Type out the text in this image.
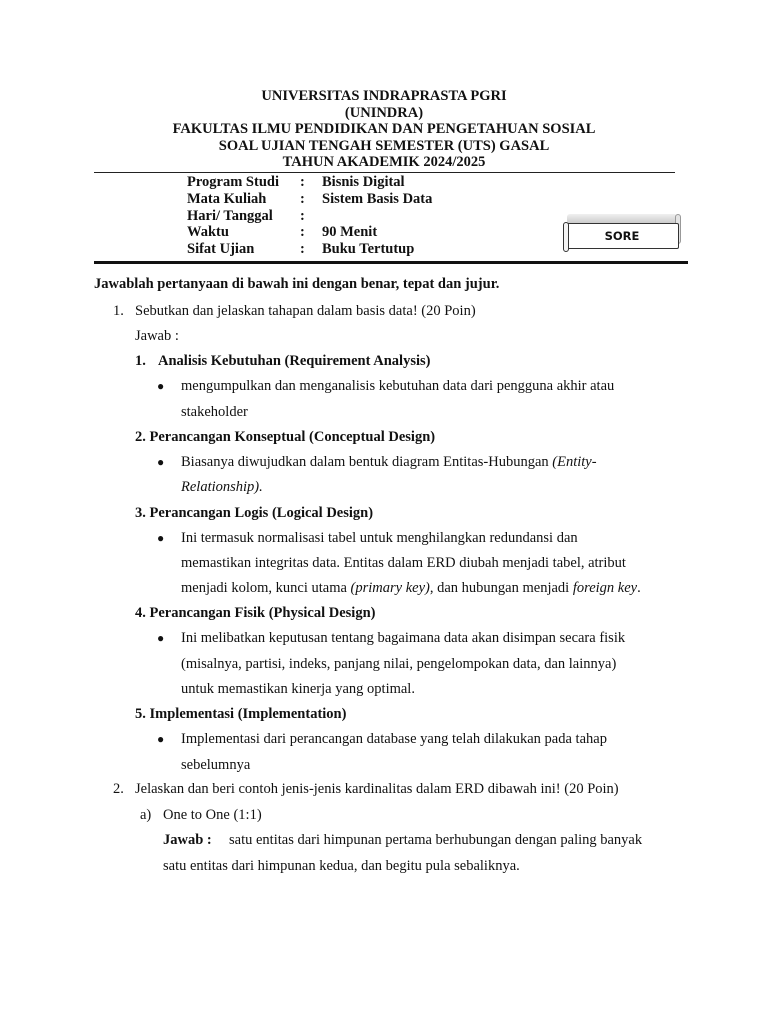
UNIVERSITAS INDRAPRASTA PGRI
(UNINDRA)
FAKULTAS ILMU PENDIDIKAN DAN PENGETAHUAN SOSIAL
SOAL UJIAN TENGAH SEMESTER (UTS) GASAL
TAHUN AKADEMIK 2024/2025
Program Studi : Bisnis Digital
Mata Kuliah : Sistem Basis Data
Hari/ Tanggal :
Waktu	: 90 Menit
Sifat Ujian	: Buku Tertutup
SORE
Jawablah pertanyaan di bawah ini dengan benar, tepat dan jujur.
1. Sebutkan dan jelaskan tahapan dalam basis data! (20 Poin)
Jawab :
1. Analisis Kebutuhan (Requirement Analysis)
● mengumpulkan dan menganalisis kebutuhan data dari pengguna akhir atau
stakeholder
2. Perancangan Konseptual (Conceptual Design)
● Biasanya diwujudkan dalam bentuk diagram Entitas-Hubungan (Entity-
Relationship).
3. Perancangan Logis (Logical Design)
● Ini termasuk normalisasi tabel untuk menghilangkan redundansi dan
memastikan integritas data. Entitas dalam ERD diubah menjadi tabel, atribut
menjadi kolom, kunci utama (primary key), dan hubungan menjadi foreign key.
4. Perancangan Fisik (Physical Design)
● Ini melibatkan keputusan tentang bagaimana data akan disimpan secara fisik
(misalnya, partisi, indeks, panjang nilai, pengelompokan data, dan lainnya)
untuk memastikan kinerja yang optimal.
5. Implementasi (Implementation)
● Implementasi dari perancangan database yang telah dilakukan pada tahap
sebelumnya
2. Jelaskan dan beri contoh jenis-jenis kardinalitas dalam ERD dibawah ini! (20 Poin)
a) One to One (1:1)
Jawab : satu entitas dari himpunan pertama berhubungan dengan paling banyak
satu entitas dari himpunan kedua, dan begitu pula sebaliknya.
